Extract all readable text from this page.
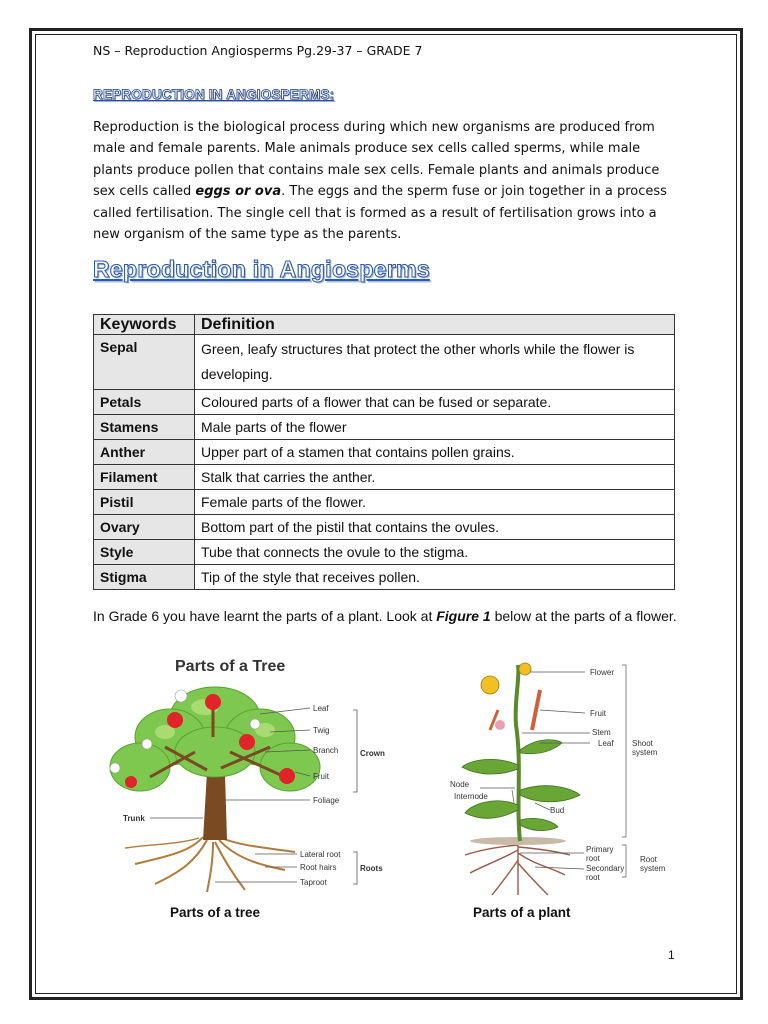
NS – Reproduction Angiosperms Pg.29-37 – GRADE 7
REPRODUCTION IN ANGIOSPERMS:
Reproduction is the biological process during which new organisms are produced from male and female parents. Male animals produce sex cells called sperms, while male plants produce pollen that contains male sex cells. Female plants and animals produce sex cells called eggs or ova. The eggs and the sperm fuse or join together in a process called fertilisation. The single cell that is formed as a result of fertilisation grows into a new organism of the same type as the parents.
Reproduction in Angiosperms
Keywords	Definition
Sepal	Green, leafy structures that protect the other whorls while the flower is developing.
Petals	Coloured parts of a flower that can be fused or separate.
Stamens	Male parts of the flower
Anther	Upper part of a stamen that contains pollen grains.
Filament	Stalk that carries the anther.
Pistil	Female parts of the flower.
Ovary	Bottom part of the pistil that contains the ovules.
Style	Tube that connects the ovule to the stigma.
Stigma	Tip of the style that receives pollen.
In Grade 6 you have learnt the parts of a plant. Look at Figure 1 below at the parts of a flower.
Parts of a Tree
Leaf
Twig
Branch
Fruit
Foliage
Trunk
Lateral root
Root hairs
Taproot
Crown
Roots
Parts of a tree
Flower
Fruit
Stem
Leaf Shoot
system
Node
Internode
Bud
Primary
root
Secondary
root
Root
system
Parts of a plant
1
